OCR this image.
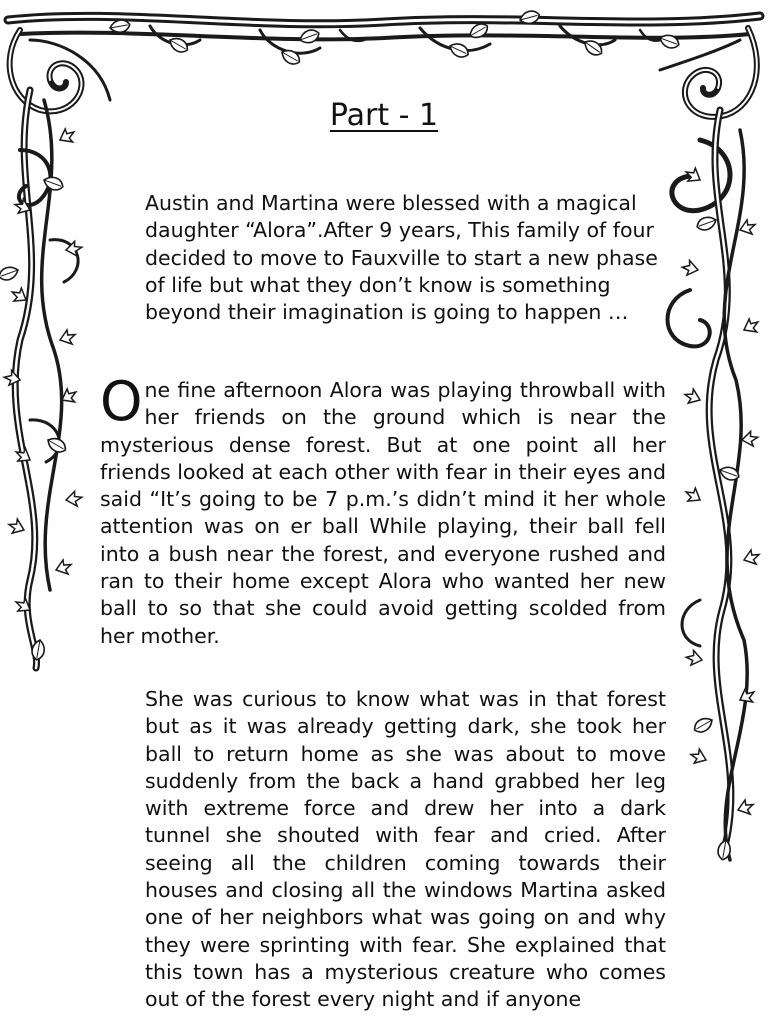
Part - 1

Austin and Martina were blessed with a magical daughter “Alora”.After 9 years, This family of four decided to move to Fauxville to start a new phase of life but what they don’t know is something beyond their imagination is going to happen …

One fine afternoon Alora was playing throwball with her friends on the ground which is near the mysterious dense forest. But at one point all her friends looked at each other with fear in their eyes and said “It’s going to be 7 p.m.’s didn’t mind it her whole attention was on er ball While playing, their ball fell into a bush near the forest, and everyone rushed and ran to their home except Alora who wanted her new ball to so that she could avoid getting scolded from her mother.

She was curious to know what was in that forest but as it was already getting dark, she took her ball to return home as she was about to move suddenly from the back a hand grabbed her leg with extreme force and drew her into a dark tunnel she shouted with fear and cried. After seeing all the children coming towards their houses and closing all the windows Martina asked one of her neighbors what was going on and why they were sprinting with fear. She explained that this town has a mysterious creature who comes out of the forest every night and if anyone
